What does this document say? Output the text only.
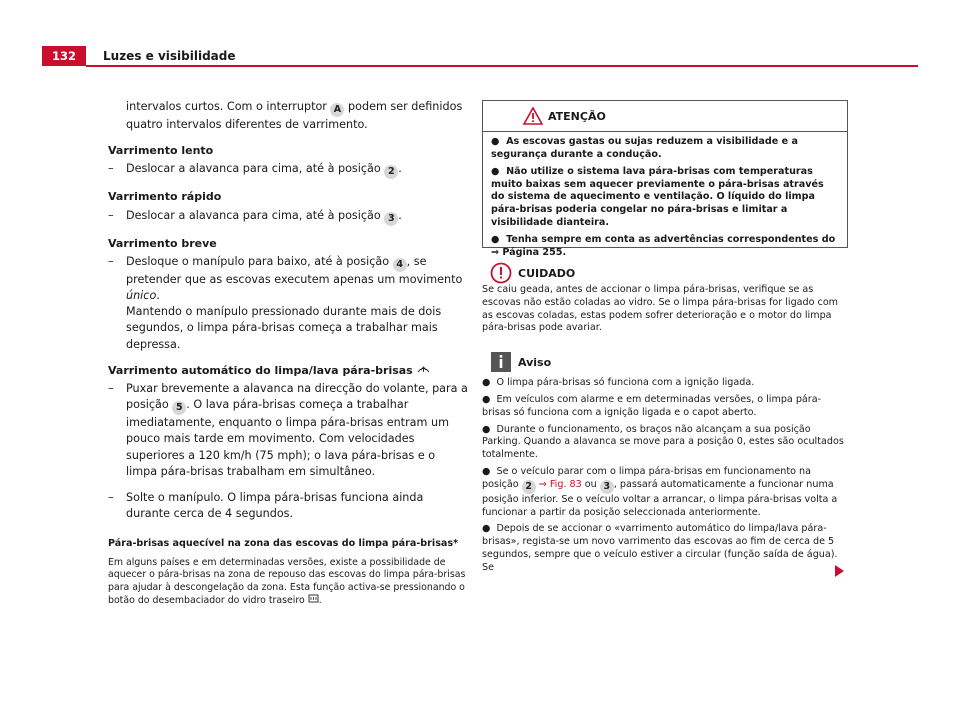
132	Luzes e visibilidade

intervalos curtos. Com o interruptor A podem ser definidos quatro intervalos diferentes de varrimento.

Varrimento lento

– Deslocar a alavanca para cima, até à posição 2 .

Varrimento rápido

– Deslocar a alavanca para cima, até à posição 3 .

Varrimento breve

– Desloque o manípulo para baixo, até à posição 4 , se pretender que as escovas executem apenas um movimento único.
Mantendo o manípulo pressionado durante mais de dois segundos, o limpa pára-brisas começa a trabalhar mais depressa.

Varrimento automático do limpa/lava pára-brisas

– Puxar brevemente a alavanca na direcção do volante, para a posição 5 . O lava pára-brisas começa a trabalhar imediatamente, enquanto o limpa pára-brisas entram um pouco mais tarde em movimento. Com velocidades superiores a 120 km/h (75 mph); o lava pára-brisas e o limpa pára-brisas trabalham em simultâneo.

– Solte o manípulo. O limpa pára-brisas funciona ainda durante cerca de 4 segundos.

Pára-brisas aquecível na zona das escovas do limpa pára-brisas*

Em alguns países e em determinadas versões, existe a possibilidade de aquecer o pára-brisas na zona de repouso das escovas do limpa pára-brisas para ajudar à descongelação da zona. Esta função activa-se pressionando o botão do desembaciador do vidro traseiro .

ATENÇÃO

● As escovas gastas ou sujas reduzem a visibilidade e a segurança durante a condução.

● Não utilize o sistema lava pára-brisas com temperaturas muito baixas sem aquecer previamente o pára-brisas através do sistema de aquecimento e ventilação. O líquido do limpa pára-brisas poderia congelar no pára-brisas e limitar a visibilidade dianteira.

● Tenha sempre em conta as advertências correspondentes do
⇒ Página 255.

CUIDADO

Se caiu geada, antes de accionar o limpa pára-brisas, verifique se as escovas não estão coladas ao vidro. Se o limpa pára-brisas for ligado com as escovas coladas, estas podem sofrer deterioração e o motor do limpa pára-brisas pode avariar.

Aviso

● O limpa pára-brisas só funciona com a ignição ligada.

● Em veículos com alarme e em determinadas versões, o limpa pára-brisas só funciona com a ignição ligada e o capot aberto.

● Durante o funcionamento, os braços não alcançam a sua posição Parking. Quando a alavanca se move para a posição 0, estes são ocultados totalmente.

● Se o veículo parar com o limpa pára-brisas em funcionamento na posição 2 ⇒ Fig. 83 ou 3 , passará automaticamente a funcionar numa posição inferior. Se o veículo voltar a arrancar, o limpa pára-brisas volta a funcionar a partir da posição seleccionada anteriormente.

● Depois de se accionar o «varrimento automático do limpa/lava pára-brisas», regista-se um novo varrimento das escovas ao fim de cerca de 5 segundos, sempre que o veículo estiver a circular (função saída de água). Se
